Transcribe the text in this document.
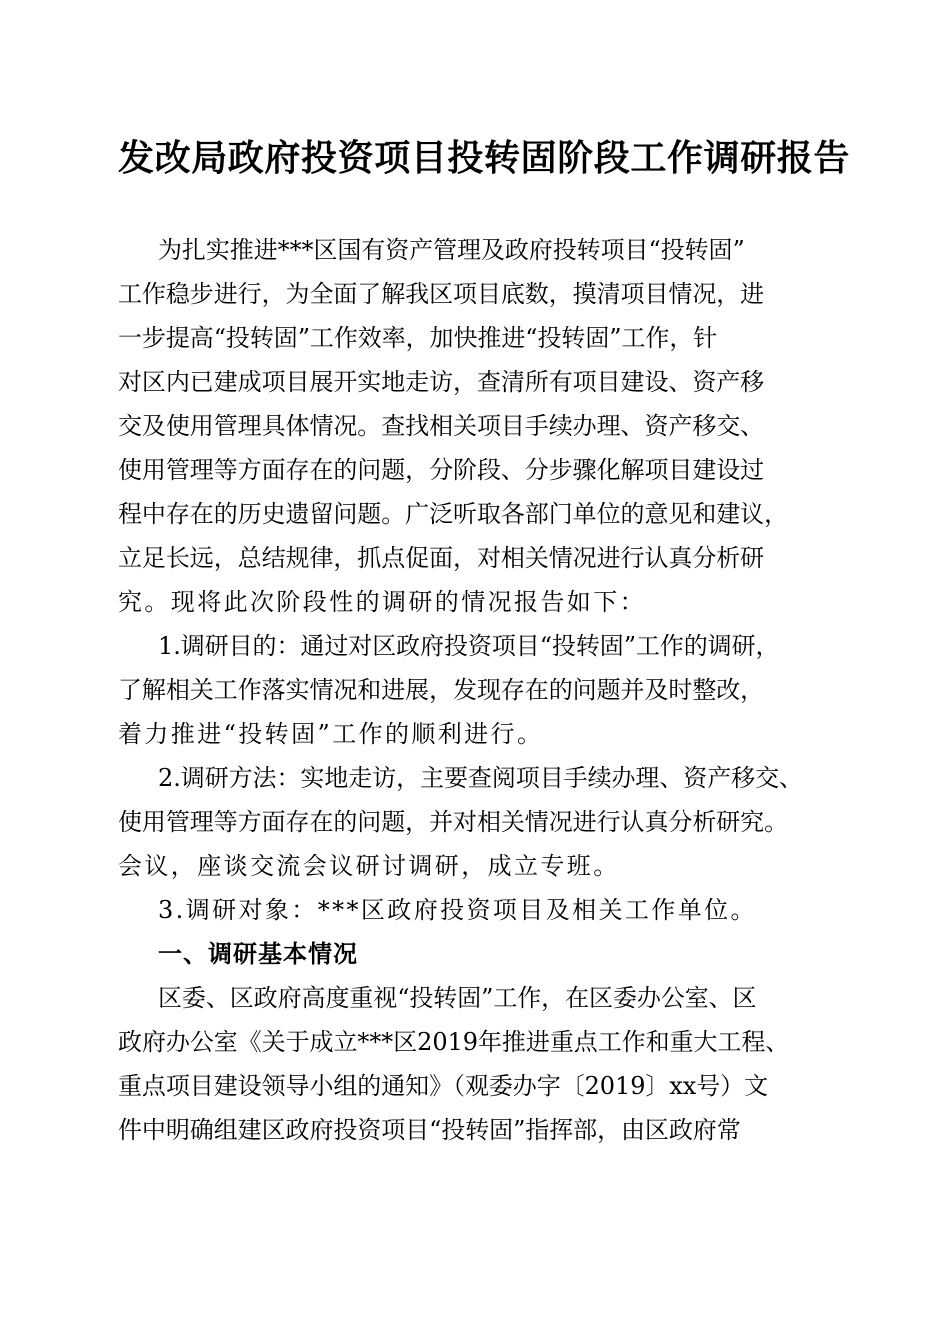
发改局政府投资项目投转固阶段工作调研报告
为扎实推进***区国有资产管理及政府投转项目“投转固”
工作稳步进行，为全面了解我区项目底数，摸清项目情况，进
一步提高“投转固”工作效率，加快推进“投转固”工作，针
对区内已建成项目展开实地走访，查清所有项目建设、资产移
交及使用管理具体情况。查找相关项目手续办理、资产移交、
使用管理等方面存在的问题，分阶段、分步骤化解项目建设过
程中存在的历史遗留问题。广泛听取各部门单位的意见和建议，
立足长远，总结规律，抓点促面，对相关情况进行认真分析研
究。现将此次阶段性的调研的情况报告如下：
1.调研目的：通过对区政府投资项目“投转固”工作的调研，
了解相关工作落实情况和进展，发现存在的问题并及时整改，
着力推进“投转固”工作的顺利进行。
2.调研方法：实地走访，主要查阅项目手续办理、资产移交、
使用管理等方面存在的问题，并对相关情况进行认真分析研究。
会议，座谈交流会议研讨调研，成立专班。
3.调研对象：***区政府投资项目及相关工作单位。
一、调研基本情况
区委、区政府高度重视“投转固”工作，在区委办公室、区
政府办公室《关于成立***区2019年推进重点工作和重大工程、
重点项目建设领导小组的通知》（观委办字〔2019〕xx号）文
件中明确组建区政府投资项目“投转固”指挥部，由区政府常
